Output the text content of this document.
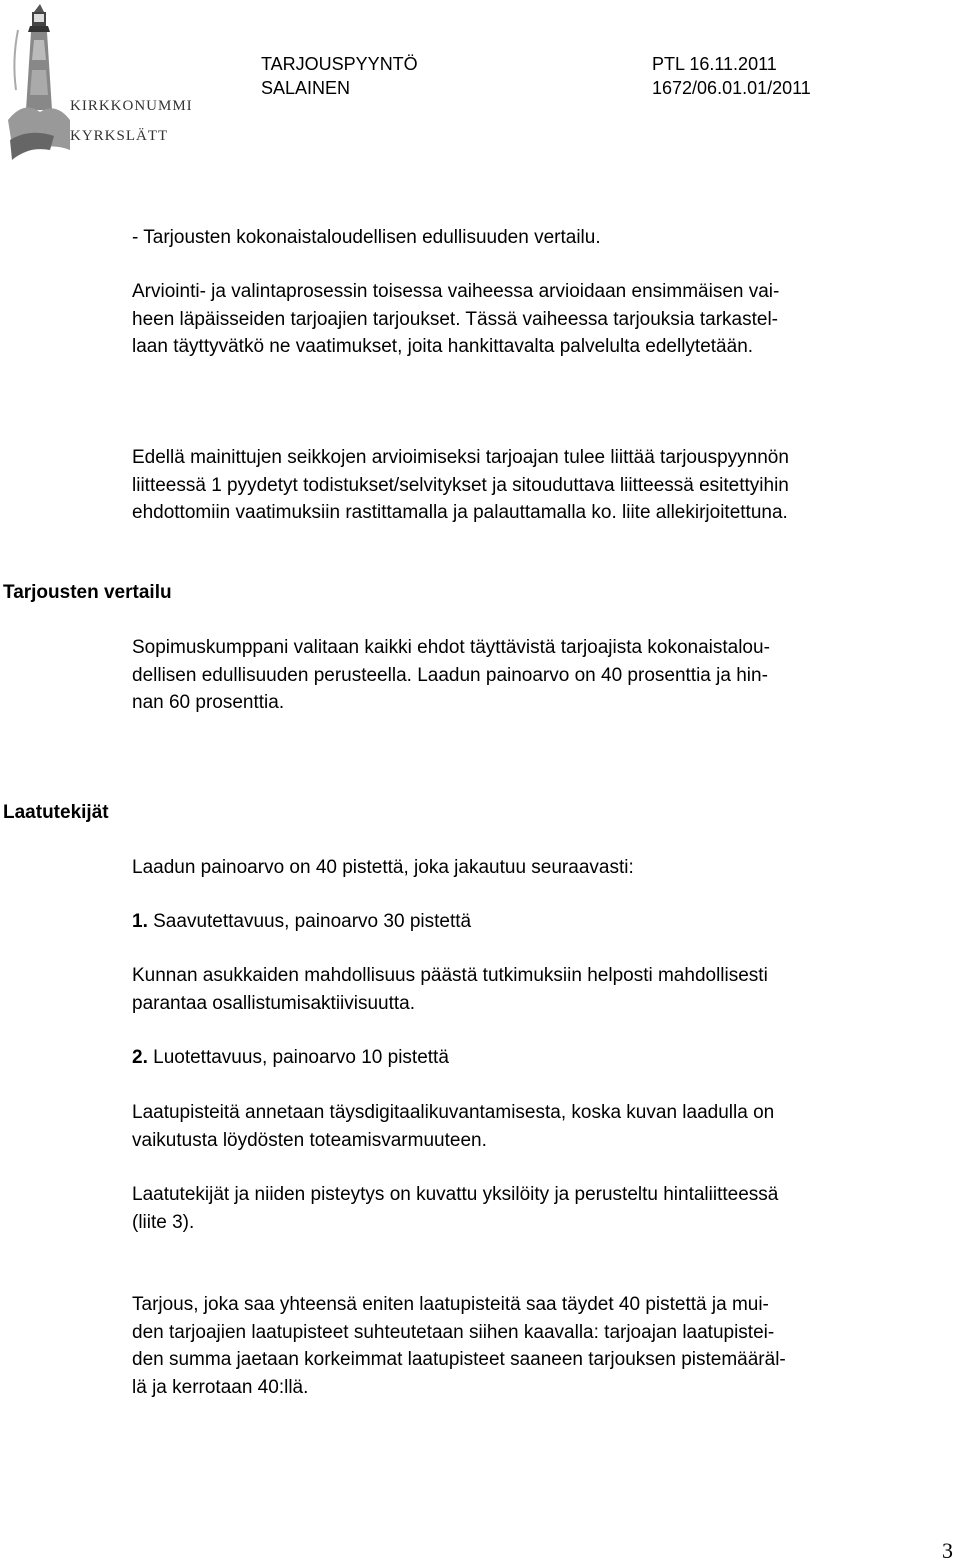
KIRKKONUMMI
KYRKSLÄTT
TARJOUSPYYNTÖ
SALAINEN
PTL 16.11.2011
1672/06.01.01/2011

- Tarjousten kokonaistaloudellisen edullisuuden vertailu.

Arviointi- ja valintaprosessin toisessa vaiheessa arvioidaan ensimmäisen vai-
heen läpäisseiden tarjoajien tarjoukset. Tässä vaiheessa tarjouksia tarkastel-
laan täyttyvätkö ne vaatimukset, joita hankittavalta palvelulta edellytetään.

Edellä mainittujen seikkojen arvioimiseksi tarjoajan tulee liittää tarjouspyynnön
liitteessä 1 pyydetyt todistukset/selvitykset ja sitouduttava liitteessä esitettyihin
ehdottomiin vaatimuksiin rastittamalla ja palauttamalla ko. liite allekirjoitettuna.

Tarjousten vertailu

Sopimuskumppani valitaan kaikki ehdot täyttävistä tarjoajista kokonaistalou-
dellisen edullisuuden perusteella. Laadun painoarvo on 40 prosenttia ja hin-
nan 60 prosenttia.

Laatutekijät

Laadun painoarvo on 40 pistettä, joka jakautuu seuraavasti:

1. Saavutettavuus, painoarvo 30 pistettä

Kunnan asukkaiden mahdollisuus päästä tutkimuksiin helposti mahdollisesti
parantaa osallistumisaktiivisuutta.

2. Luotettavuus, painoarvo 10 pistettä

Laatupisteitä annetaan täysdigitaalikuvantamisesta, koska kuvan laadulla on
vaikutusta löydösten toteamisvarmuuteen.

Laatutekijät ja niiden pisteytys on kuvattu yksilöity ja perusteltu hintaliitteessä
(liite 3).

Tarjous, joka saa yhteensä eniten laatupisteitä saa täydet 40 pistettä ja mui-
den tarjoajien laatupisteet suhteutetaan siihen kaavalla: tarjoajan laatupistei-
den summa jaetaan korkeimmat laatupisteet saaneen tarjouksen pistemääräl-
lä ja kerrotaan 40:llä.

3
